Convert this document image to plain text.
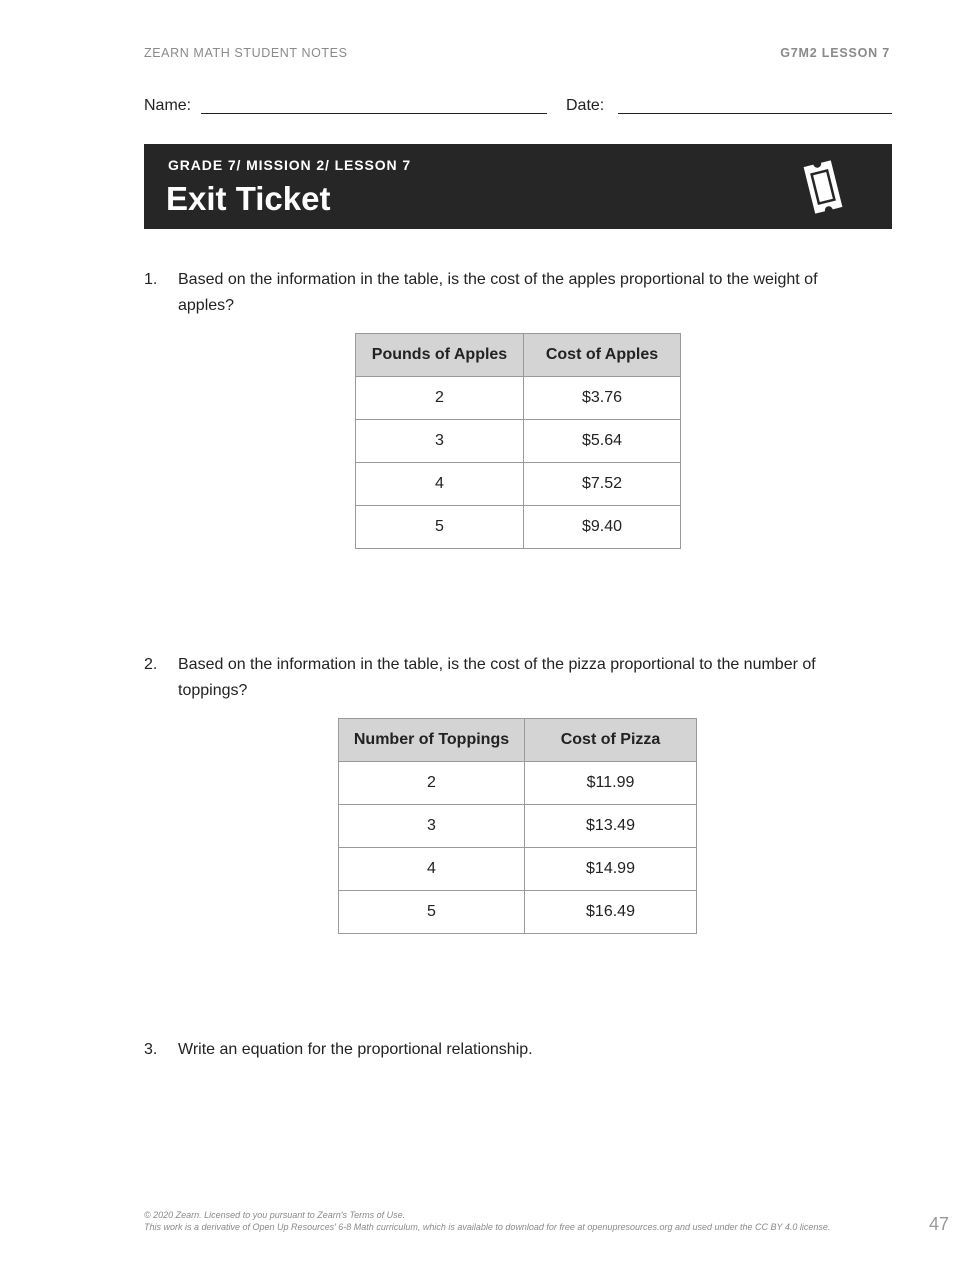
ZEARN MATH STUDENT NOTES	G7M2 LESSON 7
Name:	Date:
GRADE 7/ MISSION 2/ LESSON 7
Exit Ticket
1. Based on the information in the table, is the cost of the apples proportional to the weight of apples?
Pounds of Apples	Cost of Apples
2	$3.76
3	$5.64
4	$7.52
5	$9.40
2. Based on the information in the table, is the cost of the pizza proportional to the number of toppings?
Number of Toppings	Cost of Pizza
2	$11.99
3	$13.49
4	$14.99
5	$16.49
3. Write an equation for the proportional relationship.
© 2020 Zearn. Licensed to you pursuant to Zearn's Terms of Use.
This work is a derivative of Open Up Resources' 6-8 Math curriculum, which is available to download for free at openupresources.org and used under the CC BY 4.0 license.	47
